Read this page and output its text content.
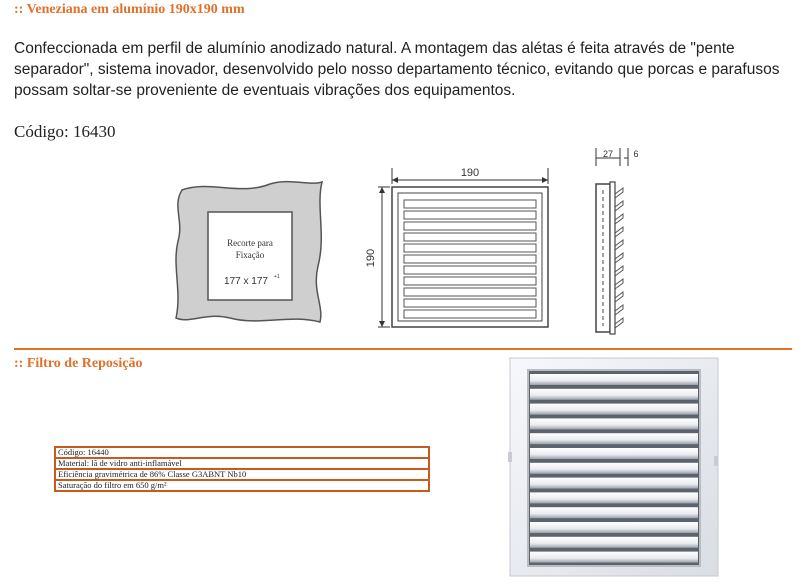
:: Veneziana em alumínio 190x190 mm
Confeccionada em perfil de alumínio anodizado natural. A montagem das alétas é feita através de "pente separador", sistema inovador, desenvolvido pelo nosso departamento técnico, evitando que porcas e parafusos possam soltar-se proveniente de eventuais vibrações dos equipamentos.
Código: 16430
Recorte para
Fixação
177 x 177 +1
190
190
27 6
:: Filtro de Reposição
Código: 16440
Material: lã de vidro anti-inflamável
Eficiência gravimétrica de 86% Classe G3ABNT Nb10
Saturação do filtro em 650 g/m²
